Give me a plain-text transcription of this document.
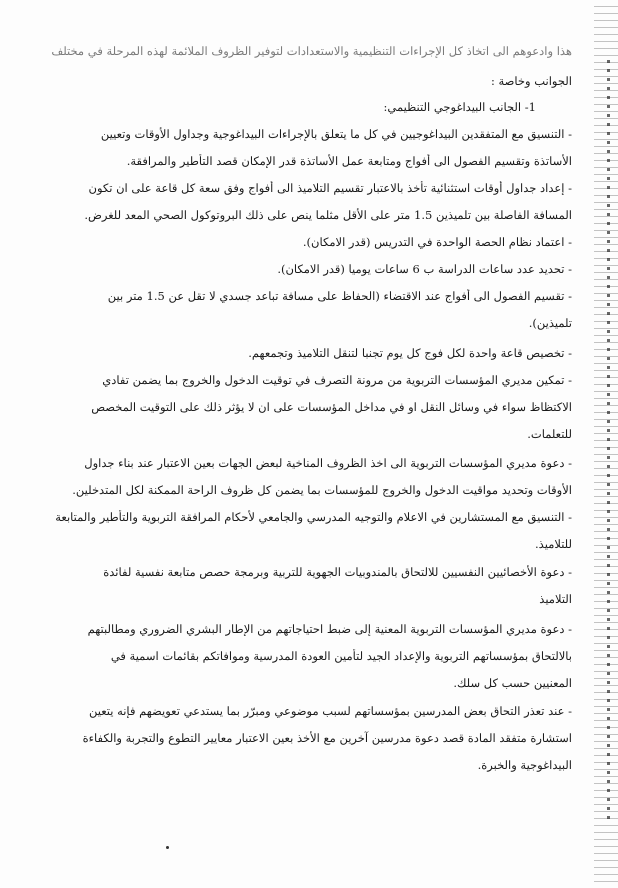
هذا وادعوهم الى اتخاذ كل الإجراءات التنظيمية والاستعدادات لتوفير الظروف الملائمة لهذه المرحلة في مختلف
الجوانب وخاصة :
1- الجانب البيداغوجي التنظيمي:
- التنسيق مع المتفقدين البيداغوجيين في كل ما يتعلق بالإجراءات البيداغوجية وجداول الأوقات وتعيين
الأساتذة وتقسيم الفصول الى أفواج ومتابعة عمل الأساتذة قدر الإمكان قصد التأطير والمرافقة.
- إعداد جداول أوقات استثنائية تأخذ بالاعتبار تقسيم التلاميذ الى أفواج وفق سعة كل قاعة على ان تكون
المسافة الفاصلة بين تلميذين 1.5 متر على الأقل مثلما ينص على ذلك البروتوكول الصحي المعد للغرض.
- اعتماد نظام الحصة الواحدة في التدريس (قدر الامكان).
- تحديد عدد ساعات الدراسة ب 6 ساعات يوميا (قدر الامكان).
- تقسيم الفصول الى أفواج عند الاقتضاء (الحفاظ على مسافة تباعد جسدي لا تقل عن 1.5 متر بين
تلميذين).
- تخصيص قاعة واحدة لكل فوج كل يوم تجنبا لتنقل التلاميذ وتجمعهم.
- تمكين مديري المؤسسات التربوية من مرونة التصرف في توقيت الدخول والخروج بما يضمن تفادي
الاكتظاظ سواء في وسائل النقل او في مداخل المؤسسات على ان لا يؤثر ذلك على التوقيت المخصص
للتعلمات.
- دعوة مديري المؤسسات التربوية الى اخذ الظروف المناخية لبعض الجهات بعين الاعتبار عند بناء جداول
الأوقات وتحديد مواقيت الدخول والخروج للمؤسسات بما يضمن كل ظروف الراحة الممكنة لكل المتدخلين.
- التنسيق مع المستشارين في الاعلام والتوجيه المدرسي والجامعي لأحكام المرافقة التربوية والتأطير والمتابعة
للتلاميذ.
- دعوة الأخصائيين النفسيين للالتحاق بالمندوبيات الجهوية للتربية وبرمجة حصص متابعة نفسية لفائدة
التلاميذ
- دعوة مديري المؤسسات التربوية المعنية إلى ضبط احتياجاتهم من الإطار البشري الضروري ومطالبتهم
بالالتحاق بمؤسساتهم التربوية والإعداد الجيد لتأمين العودة المدرسية وموافاتكم بقائمات اسمية في
المعنيين حسب كل سلك.
- عند تعذر التحاق بعض المدرسين بمؤسساتهم لسبب موضوعي ومبرّر بما يستدعي تعويضهم فإنه يتعين
استشارة متفقد المادة قصد دعوة مدرسين آخرين مع الأخذ بعين الاعتبار معايير التطوع والتجربة والكفاءة
البيداغوجية والخبرة.
